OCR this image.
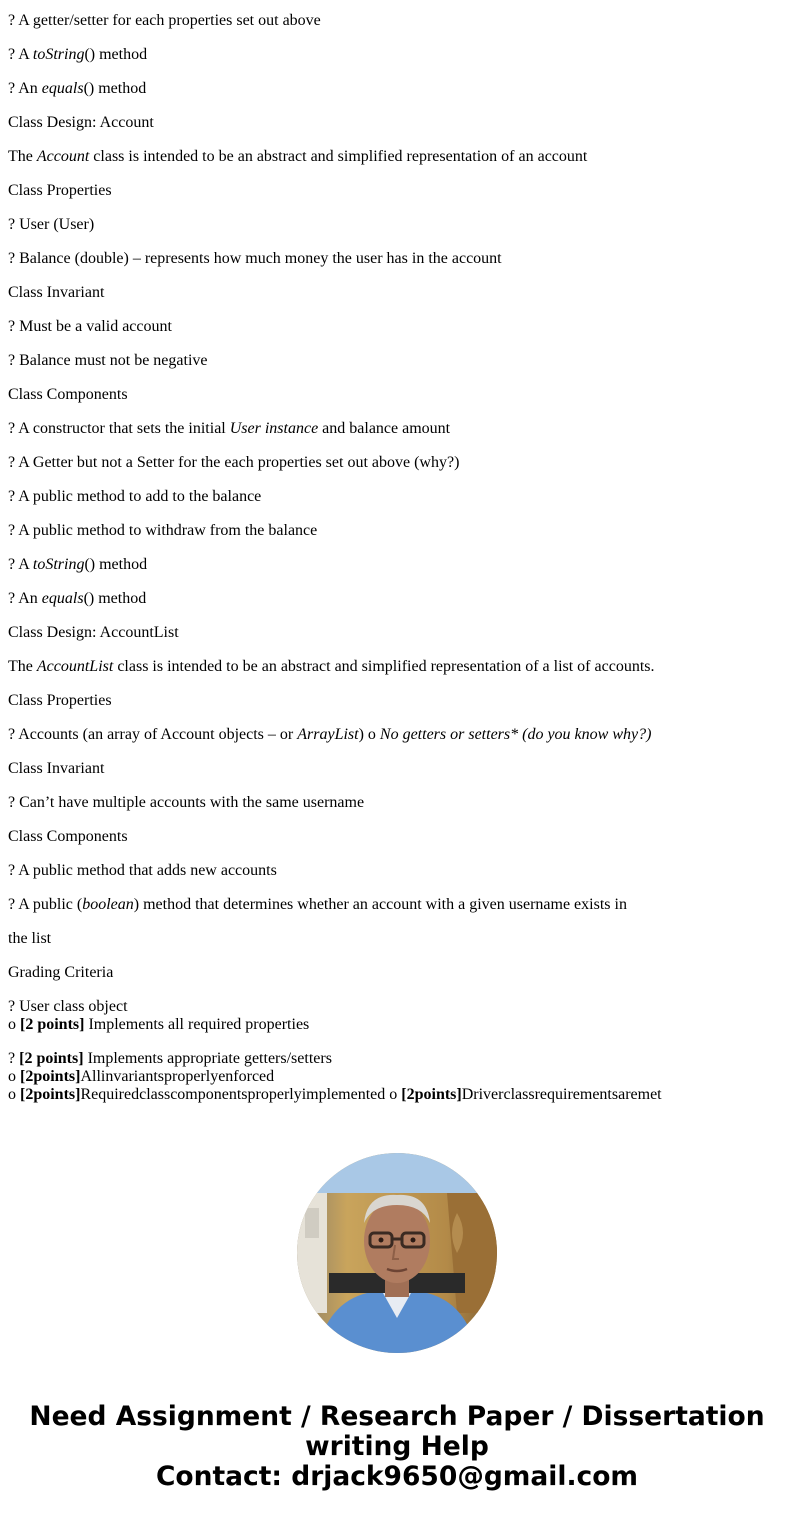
? A getter/setter for each properties set out above
? A toString() method
? An equals() method
Class Design: Account
The Account class is intended to be an abstract and simplified representation of an account
Class Properties
? User (User)
? Balance (double) – represents how much money the user has in the account
Class Invariant
? Must be a valid account
? Balance must not be negative
Class Components
? A constructor that sets the initial User instance and balance amount
? A Getter but not a Setter for the each properties set out above (why?)
? A public method to add to the balance
? A public method to withdraw from the balance
? A toString() method
? An equals() method
Class Design: AccountList
The AccountList class is intended to be an abstract and simplified representation of a list of accounts.
Class Properties
? Accounts (an array of Account objects – or ArrayList) o No getters or setters* (do you know why?)
Class Invariant
? Can’t have multiple accounts with the same username
Class Components
? A public method that adds new accounts
? A public (boolean) method that determines whether an account with a given username exists in
the list
Grading Criteria
? User class object
o [2 points] Implements all required properties
? [2 points] Implements appropriate getters/setters
o [2points]Allinvariantsproperlyenforced
o [2points]Requiredclasscomponentsproperlyimplemented o [2points]Driverclassrequirementsaremet
Need Assignment / Research Paper / Dissertation
writing Help
Contact: drjack9650@gmail.com
